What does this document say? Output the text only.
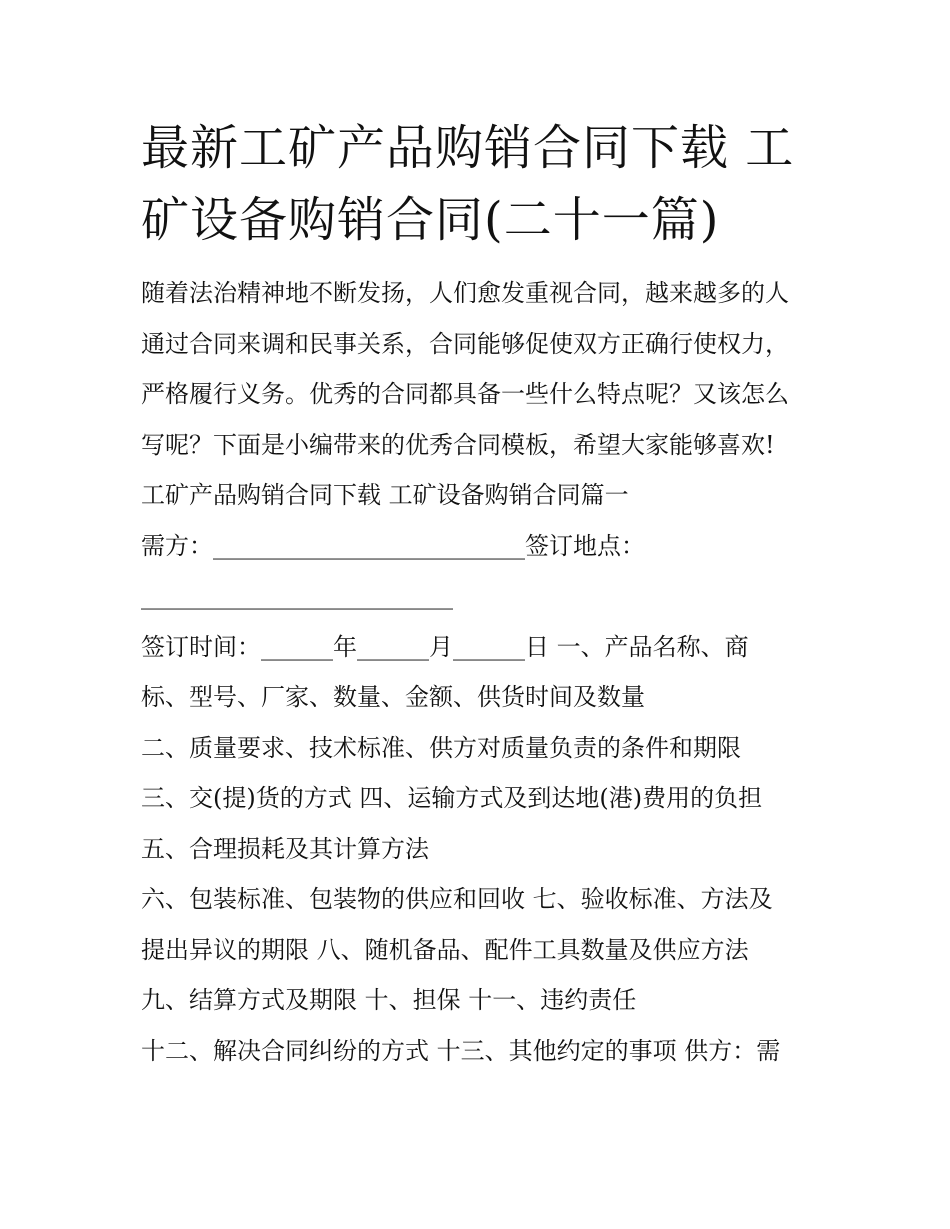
最新工矿产品购销合同下载 工矿设备购销合同(二十一篇)
随着法治精神地不断发扬，人们愈发重视合同，越来越多的人
通过合同来调和民事关系，合同能够促使双方正确行使权力，
严格履行义务。优秀的合同都具备一些什么特点呢？又该怎么
写呢？下面是小编带来的优秀合同模板，希望大家能够喜欢!
工矿产品购销合同下载 工矿设备购销合同篇一
需方：__________________________签订地点：
__________________________
签订时间：______年______月______日 一、产品名称、商
标、型号、厂家、数量、金额、供货时间及数量
二、质量要求、技术标准、供方对质量负责的条件和期限
三、交(提)货的方式 四、运输方式及到达地(港)费用的负担
五、合理损耗及其计算方法
六、包装标准、包装物的供应和回收 七、验收标准、方法及
提出异议的期限 八、随机备品、配件工具数量及供应方法
九、结算方式及期限 十、担保 十一、违约责任
十二、解决合同纠纷的方式 十三、其他约定的事项 供方：需
